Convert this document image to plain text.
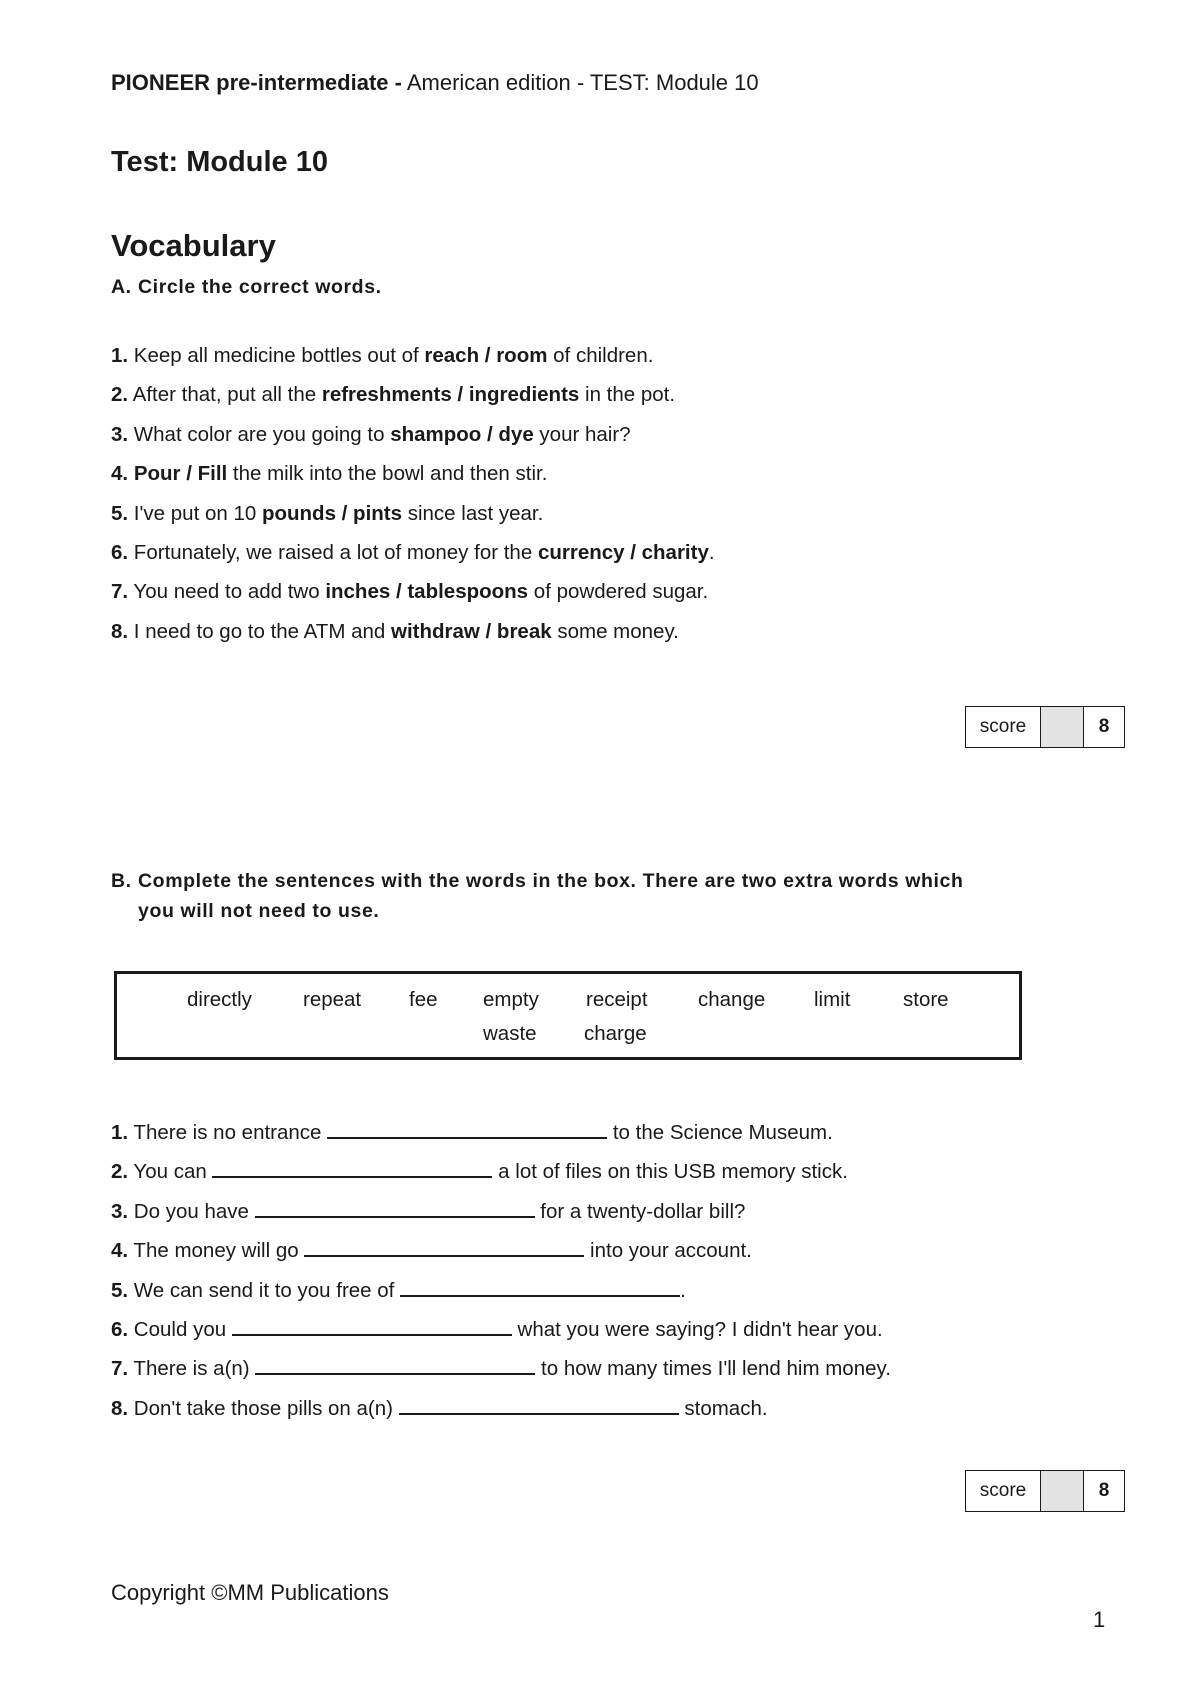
PIONEER pre-intermediate - American edition - TEST: Module 10
Test: Module 10
Vocabulary
A. Circle the correct words.
1. Keep all medicine bottles out of reach / room of children.
2. After that, put all the refreshments / ingredients in the pot.
3. What color are you going to shampoo / dye your hair?
4. Pour / Fill the milk into the bowl and then stir.
5. I've put on 10 pounds / pints since last year.
6. Fortunately, we raised a lot of money for the currency / charity.
7. You need to add two inches / tablespoons of powdered sugar.
8. I need to go to the ATM and withdraw / break some money.
score	8
B. Complete the sentences with the words in the box. There are two extra words which
you will not need to use.
directly repeat fee empty receipt change limit	store
waste charge
1. There is no entrance	to the Science Museum.
2. You can	a lot of files on this USB memory stick.
3. Do you have	for a twenty-dollar bill?
4. The money will go	into your account.
5. We can send it to you free of	.
6. Could you	what you were saying? I didn't hear you.
7. There is a(n)	to how many times I'll lend him money.
8. Don't take those pills on a(n)	stomach.
score	8
Copyright ©MM Publications
1
